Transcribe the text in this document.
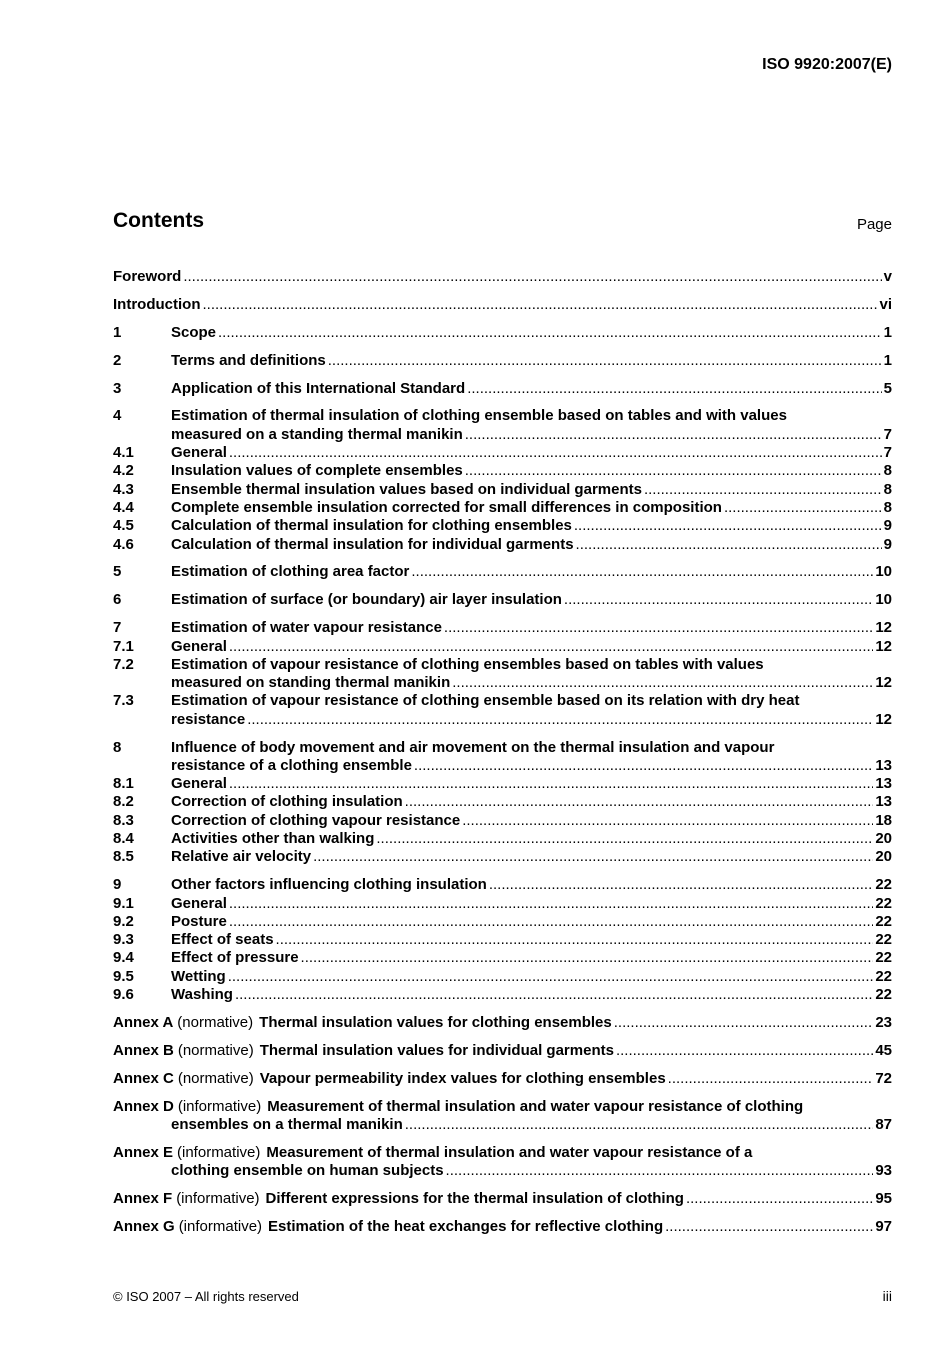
ISO 9920:2007(E)
Contents	Page
Foreword .....	v
Introduction .....	vi
1	Scope .....	1
2	Terms and definitions .....	1
3	Application of this International Standard .....	5
4	Estimation of thermal insulation of clothing ensemble based on tables and with values
measured on a standing thermal manikin .....	7
4.1	General .....	7
4.2	Insulation values of complete ensembles .....	8
4.3	Ensemble thermal insulation values based on individual garments .....	8
4.4	Complete ensemble insulation corrected for small differences in composition .....	8
4.5	Calculation of thermal insulation for clothing ensembles .....	9
4.6	Calculation of thermal insulation for individual garments .....	9
5	Estimation of clothing area factor .....	10
6	Estimation of surface (or boundary) air layer insulation .....	10
7	Estimation of water vapour resistance .....	12
7.1	General .....	12
7.2	Estimation of vapour resistance of clothing ensembles based on tables with values
measured on standing thermal manikin .....	12
7.3	Estimation of vapour resistance of clothing ensemble based on its relation with dry heat
resistance .....	12
8	Influence of body movement and air movement on the thermal insulation and vapour
resistance of a clothing ensemble .....	13
8.1	General .....	13
8.2	Correction of clothing insulation .....	13
8.3	Correction of clothing vapour resistance .....	18
8.4	Activities other than walking .....	20
8.5	Relative air velocity .....	20
9	Other factors influencing clothing insulation .....	22
9.1	General .....	22
9.2	Posture .....	22
9.3	Effect of seats .....	22
9.4	Effect of pressure .....	22
9.5	Wetting .....	22
9.6	Washing .....	22
Annex A (normative) Thermal insulation values for clothing ensembles .....	23
Annex B (normative) Thermal insulation values for individual garments .....	45
Annex C (normative) Vapour permeability index values for clothing ensembles .....	72
Annex D (informative) Measurement of thermal insulation and water vapour resistance of clothing
ensembles on a thermal manikin .....	87
Annex E (informative) Measurement of thermal insulation and water vapour resistance of a
clothing ensemble on human subjects .....	93
Annex F (informative) Different expressions for the thermal insulation of clothing .....	95
Annex G (informative) Estimation of the heat exchanges for reflective clothing .....	97
© ISO 2007 – All rights reserved	iii
